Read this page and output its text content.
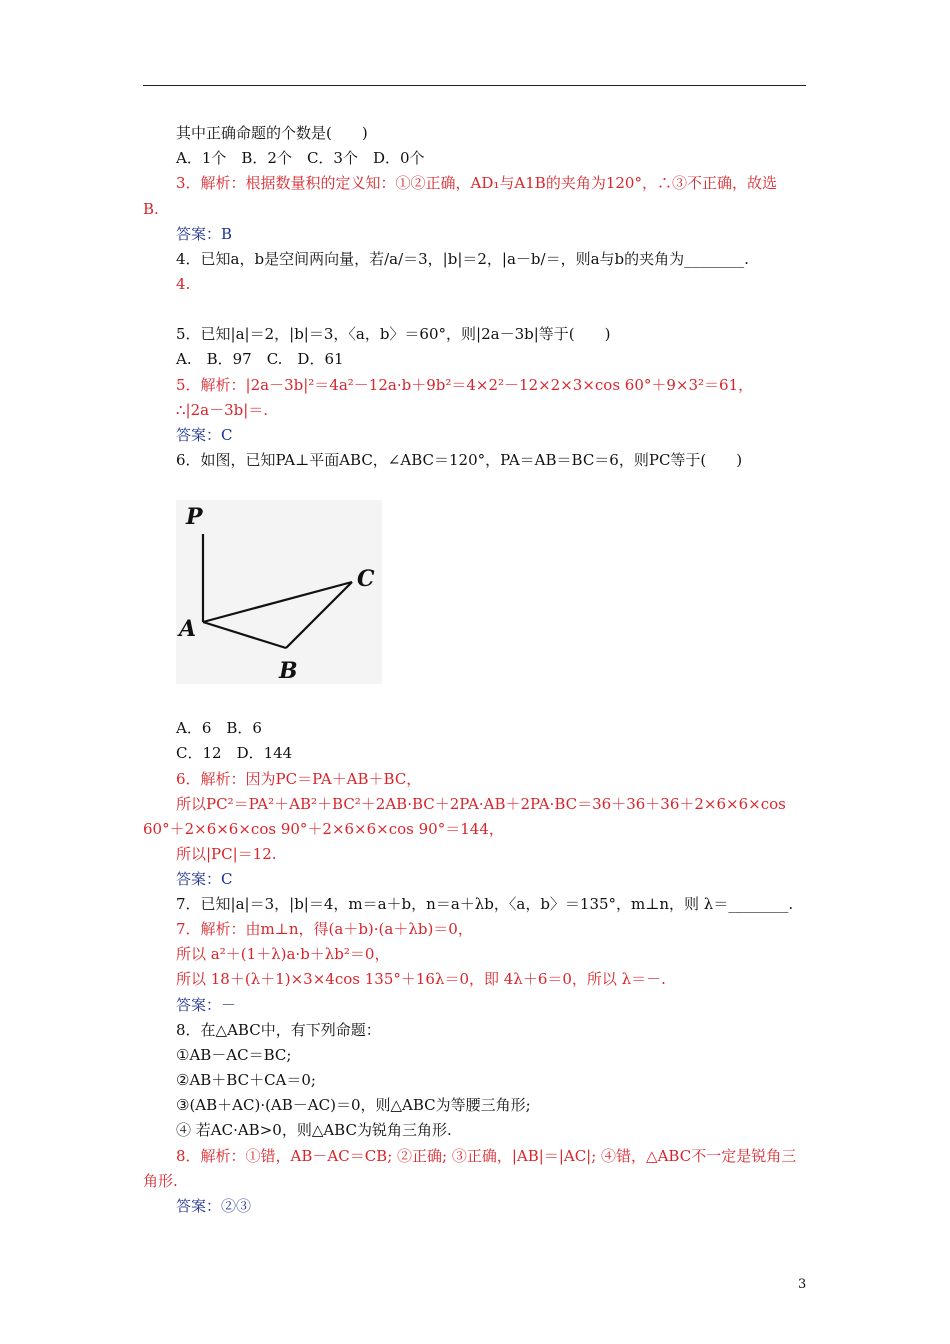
其中正确命题的个数是(　　)
A．1个　B．2个　C．3个　D．0个
3．解析：根据数量积的定义知：①②正确，AD₁与A1B的夹角为120°，∴③不正确，故选
B.
答案：B
4．已知a，b是空间两向量，若/a/＝3，|b|＝2，|a－b/＝，则a与b的夹角为________.
4.
5．已知|a|＝2，|b|＝3，〈a，b〉＝60°，则|2a－3b|等于(　　)
A.　B．97　C.　D．61
5．解析：|2a－3b|²＝4a²－12a·b＋9b²＝4×2²－12×2×3×cos 60°＋9×3²＝61，
∴|2a－3b|＝.
答案：C
6．如图，已知PA⊥平面ABC，∠ABC＝120°，PA＝AB＝BC＝6，则PC等于(　　)
A．6　B．6
C．12　D．144
6．解析：因为PC＝PA＋AB＋BC，
所以PC²＝PA²＋AB²＋BC²＋2AB·BC＋2PA·AB＋2PA·BC＝36＋36＋36＋2×6×6×cos
60°＋2×6×6×cos 90°＋2×6×6×cos 90°＝144，
所以|PC|＝12.
答案：C
7．已知|a|＝3，|b|＝4，m＝a＋b，n＝a＋λb，〈a，b〉＝135°，m⊥n，则 λ＝________.
7．解析：由m⊥n，得(a＋b)·(a＋λb)＝0，
所以 a²＋(1＋λ)a·b＋λb²＝0，
所以 18＋(λ＋1)×3×4cos 135°＋16λ＝0，即 4λ＋6＝0，所以 λ＝－.
答案：－
8．在△ABC中，有下列命题：
①AB－AC＝BC;
②AB＋BC＋CA＝0;
③(AB＋AC)·(AB－AC)＝0，则△ABC为等腰三角形;
④ 若AC·AB>0，则△ABC为锐角三角形.
8．解析：①错，AB－AC＝CB; ②正确; ③正确，|AB|＝|AC|; ④错，△ABC不一定是锐角三
角形.
答案：②③
P
A
B
C
3
